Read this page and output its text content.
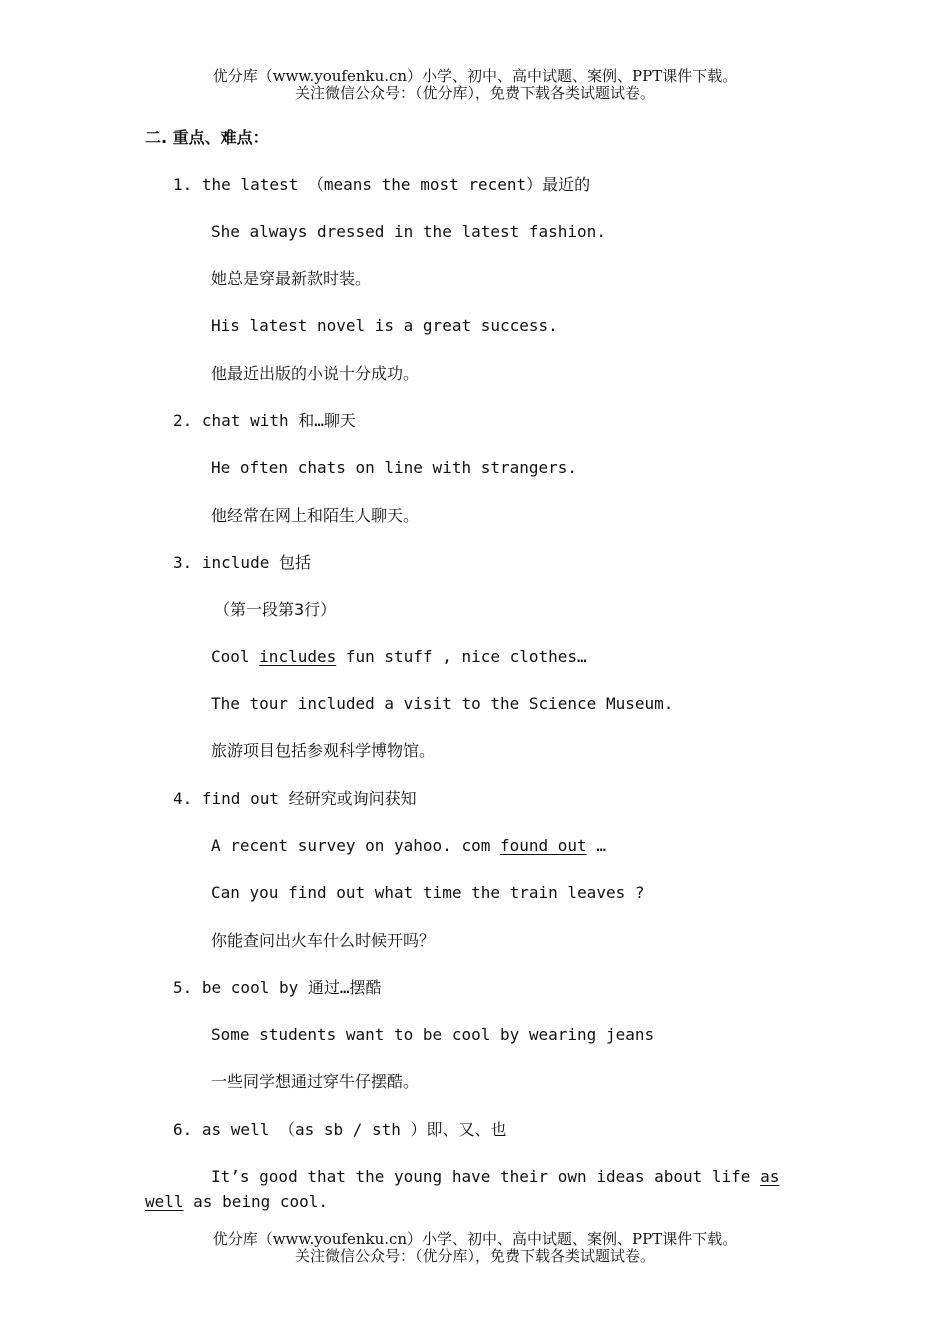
优分库（www.youfenku.cn）小学、初中、高中试题、案例、PPT课件下载。
关注微信公众号：（优分库），免费下载各类试题试卷。
二. 重点、难点：
1. the latest （means the most recent）最近的
She always dressed in the latest fashion.
她总是穿最新款时装。
His latest novel is a great success.
他最近出版的小说十分成功。
2. chat with 和…聊天
He often chats on line with strangers.
他经常在网上和陌生人聊天。
3. include 包括
（第一段第3行）
Cool includes fun stuff , nice clothes…
The tour included a visit to the Science Museum.
旅游项目包括参观科学博物馆。
4. find out 经研究或询问获知
A recent survey on yahoo. com found out …
Can you find out what time the train leaves ?
你能查问出火车什么时候开吗？
5. be cool by 通过…摆酷
Some students want to be cool by wearing jeans
一些同学想通过穿牛仔摆酷。
6. as well （as sb / sth ）即、又、也
It’s good that the young have their own ideas about life as
well as being cool.
优分库（www.youfenku.cn）小学、初中、高中试题、案例、PPT课件下载。
关注微信公众号：（优分库），免费下载各类试题试卷。
